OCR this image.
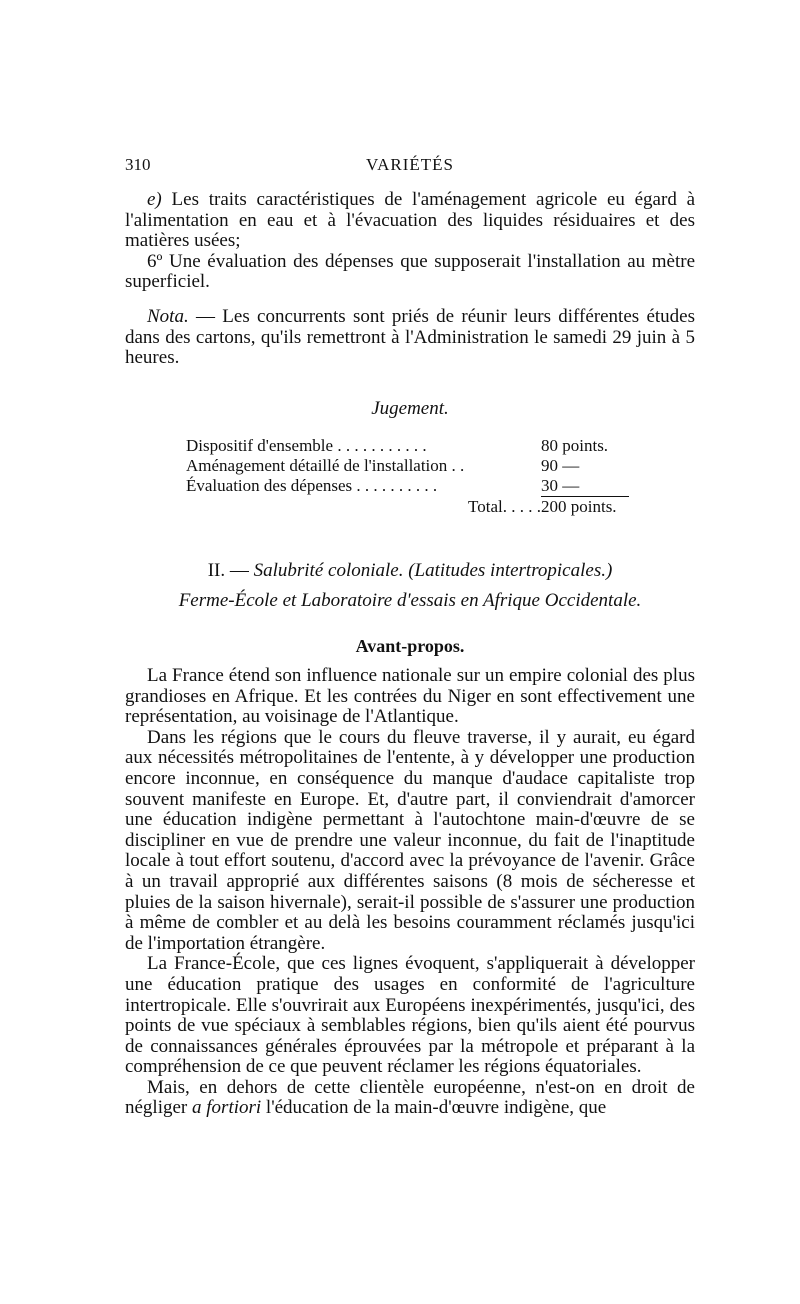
310	VARIÉTÉS

e) Les traits caractéristiques de l'aménagement agricole eu égard à l'alimentation en eau et à l'évacuation des liquides résiduaires et des matières usées;

6º Une évaluation des dépenses que supposerait l'installation au mètre superficiel.

Nota. — Les concurrents sont priés de réunir leurs différentes études dans des cartons, qu'ils remettront à l'Administration le samedi 29 juin à 5 heures.

Jugement.
Dispositif d'ensemble . . . . . . . . . . .	80 points.
Aménagement détaillé de l'installation . .	90 —
Évaluation des dépenses . . . . . . . . . .	30 —
Total. . . . .	200 points.
II. — Salubrité coloniale. (Latitudes intertropicales.)
Ferme-École et Laboratoire d'essais en Afrique Occidentale.
Avant-propos.

La France étend son influence nationale sur un empire colonial des plus grandioses en Afrique. Et les contrées du Niger en sont effectivement une représentation, au voisinage de l'Atlantique.

Dans les régions que le cours du fleuve traverse, il y aurait, eu égard aux nécessités métropolitaines de l'entente, à y développer une production encore inconnue, en conséquence du manque d'audace capitaliste trop souvent manifeste en Europe. Et, d'autre part, il conviendrait d'amorcer une éducation indigène permettant à l'autochtone main-d'œuvre de se discipliner en vue de prendre une valeur inconnue, du fait de l'inaptitude locale à tout effort soutenu, d'accord avec la prévoyance de l'avenir. Grâce à un travail approprié aux différentes saisons (8 mois de sécheresse et pluies de la saison hivernale), serait-il possible de s'assurer une production à même de combler et au delà les besoins couramment réclamés jusqu'ici de l'importation étrangère.

La France-École, que ces lignes évoquent, s'appliquerait à développer une éducation pratique des usages en conformité de l'agriculture intertropicale. Elle s'ouvrirait aux Européens inexpérimentés, jusqu'ici, des points de vue spéciaux à semblables régions, bien qu'ils aient été pourvus de connaissances générales éprouvées par la métropole et préparant à la compréhension de ce que peuvent réclamer les régions équatoriales.

Mais, en dehors de cette clientèle européenne, n'est-on en droit de négliger a fortiori l'éducation de la main-d'œuvre indigène, que
